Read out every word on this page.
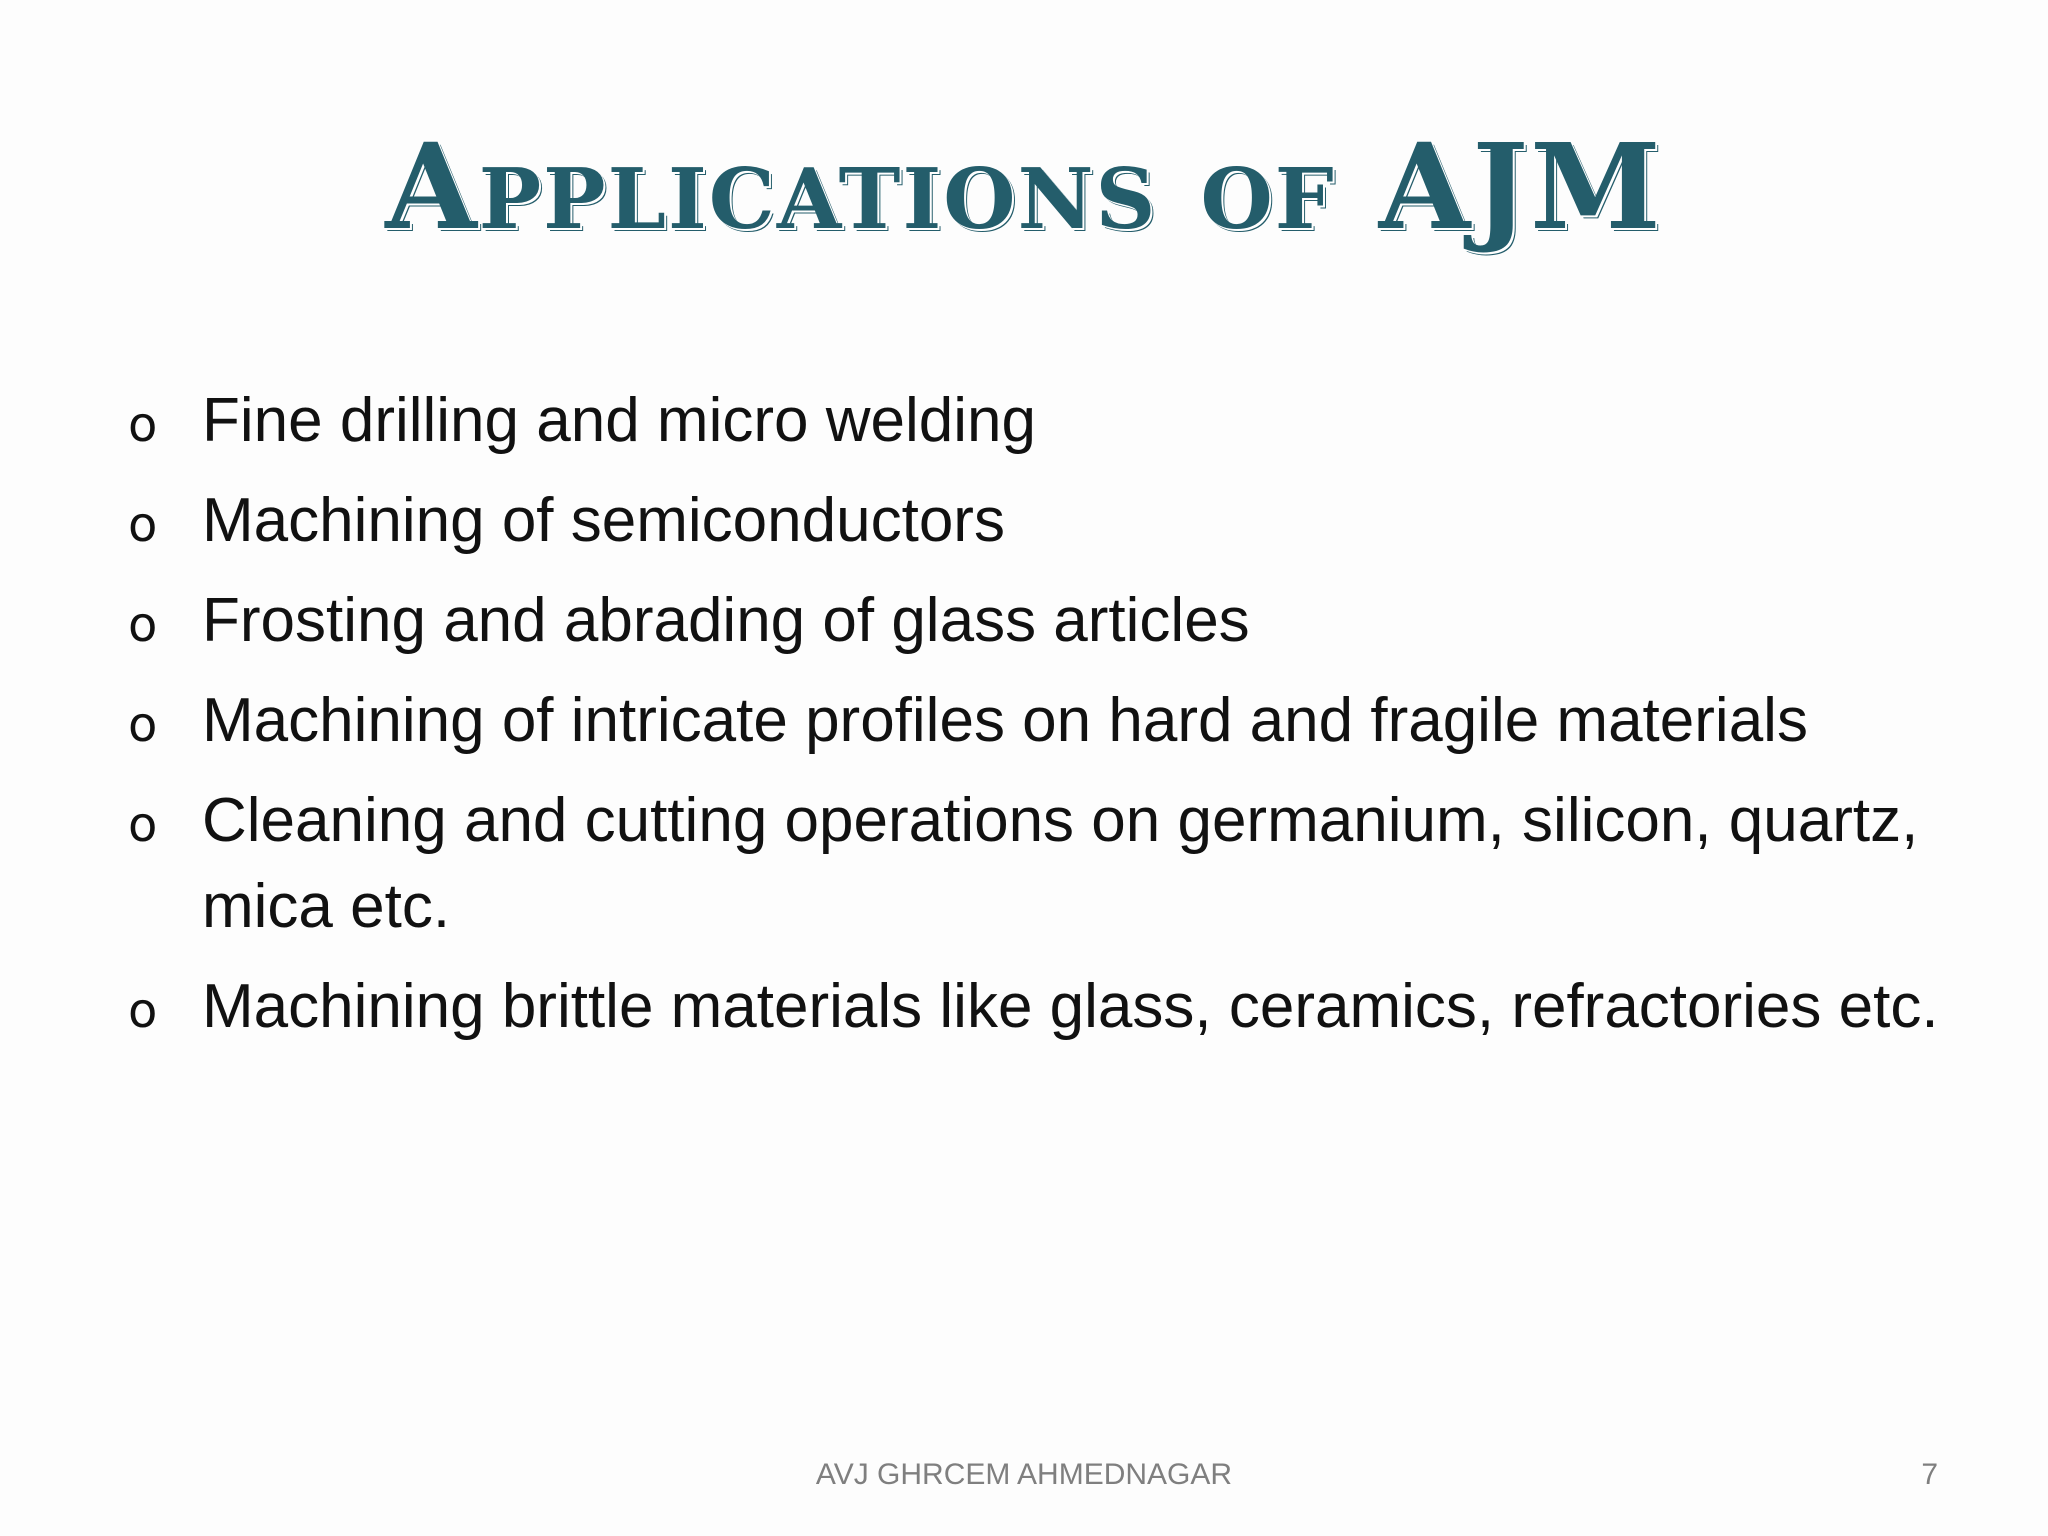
Applications of AJM
o Fine drilling and micro welding
o Machining of semiconductors
o Frosting and abrading of glass articles
o Machining of intricate profiles on hard and fragile materials
o Cleaning and cutting operations on germanium, silicon, quartz, mica etc.
o Machining brittle materials like glass, ceramics, refractories etc.
AVJ GHRCEM AHMEDNAGAR	7
